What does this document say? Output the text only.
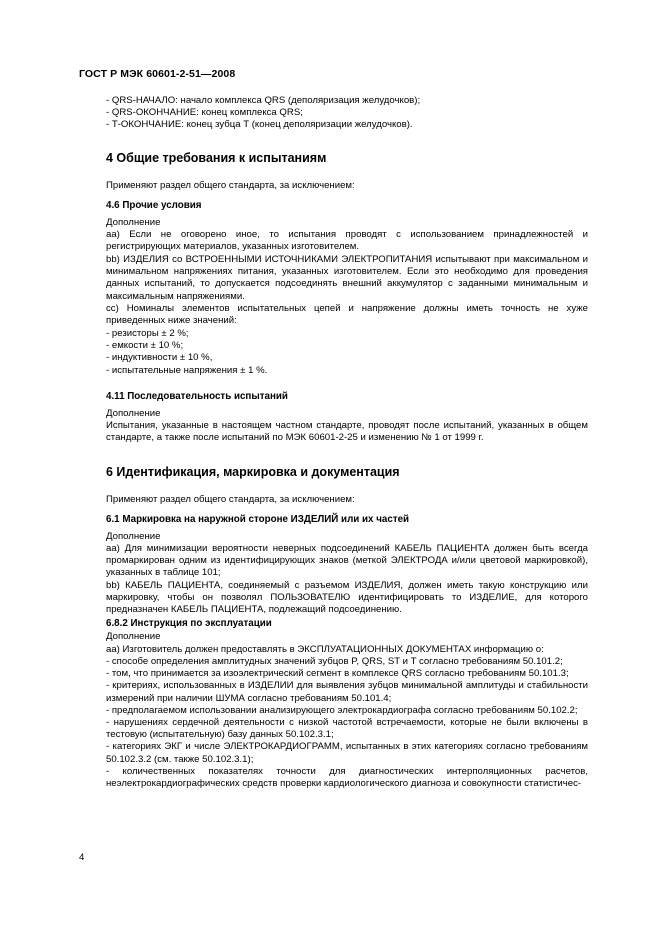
ГОСТ Р МЭК 60601-2-51—2008

- QRS-НАЧАЛО: начало комплекса QRS (деполяризация желудочков);

- QRS-ОКОНЧАНИЕ: конец комплекса QRS;

- Т-ОКОНЧАНИЕ: конец зубца Т (конец деполяризации желудочков).

4 Общие требования к испытаниям
Применяют раздел общего стандарта, за исключением:
4.6 Прочие условия
Дополнение
aa) Если не оговорено иное, то испытания проводят с использованием принадлежностей и регистрирующих материалов, указанных изготовителем.
bb) ИЗДЕЛИЯ со ВСТРОЕННЫМИ ИСТОЧНИКАМИ ЭЛЕКТРОПИТАНИЯ испытывают при максимальном и минимальном напряжениях питания, указанных изготовителем. Если это необходимо для проведения данных испытаний, то допускается подсоединять внешний аккумулятор с заданными минимальным и максимальным напряжениями.
cc) Номиналы элементов испытательных цепей и напряжение должны иметь точность не хуже приведенных ниже значений:

- резисторы ± 2 %;

- емкости ± 10 %;

- индуктивности ± 10 %,

- испытательные напряжения ± 1 %.

4.11 Последовательность испытаний
Дополнение
Испытания, указанные в настоящем частном стандарте, проводят после испытаний, указанных в общем стандарте, а также после испытаний по МЭК 60601-2-25 и изменению № 1 от 1999 г.
6 Идентификация, маркировка и документация
Применяют раздел общего стандарта, за исключением:
6.1 Маркировка на наружной стороне ИЗДЕЛИЙ или их частей
Дополнение
aa) Для минимизации вероятности неверных подсоединений КАБЕЛЬ ПАЦИЕНТА должен быть всегда промаркирован одним из идентифицирующих знаков (меткой ЭЛЕКТРОДА и/или цветовой маркировкой), указанных в таблице 101;
bb) КАБЕЛЬ ПАЦИЕНТА, соединяемый с разъемом ИЗДЕЛИЯ, должен иметь такую конструкцию или маркировку, чтобы он позволял ПОЛЬЗОВАТЕЛЮ идентифицировать то ИЗДЕЛИЕ, для которого предназначен КАБЕЛЬ ПАЦИЕНТА, подлежащий подсоединению.
6.8.2 Инструкция по эксплуатации
Дополнение
aa) Изготовитель должен предоставлять в ЭКСПЛУАТАЦИОННЫХ ДОКУМЕНТАХ информацию о:

- способе определения амплитудных значений зубцов P, QRS, ST и T согласно требованиям 50.101.2;

- том, что принимается за изоэлектрический сегмент в комплексе QRS согласно требованиям 50.101.3;

- критериях, использованных в ИЗДЕЛИИ для выявления зубцов минимальной амплитуды и стабильности измерений при наличии ШУМА согласно требованиям 50.101.4;

- предполагаемом использовании анализирующего электрокардиографа согласно требованиям 50.102.2;

- нарушениях сердечной деятельности с низкой частотой встречаемости, которые не были включены в тестовую (испытательную) базу данных 50.102.3.1;

- категориях ЭКГ и числе ЭЛЕКТРОКАРДИОГРАММ, испытанных в этих категориях согласно требованиям 50.102.3.2 (см. также 50.102.3.1);

- количественных показателях точности для диагностических интерполяционных расчетов, неэлектрокардиографических средств проверки кардиологического диагноза и совокупности статистичес-

4
